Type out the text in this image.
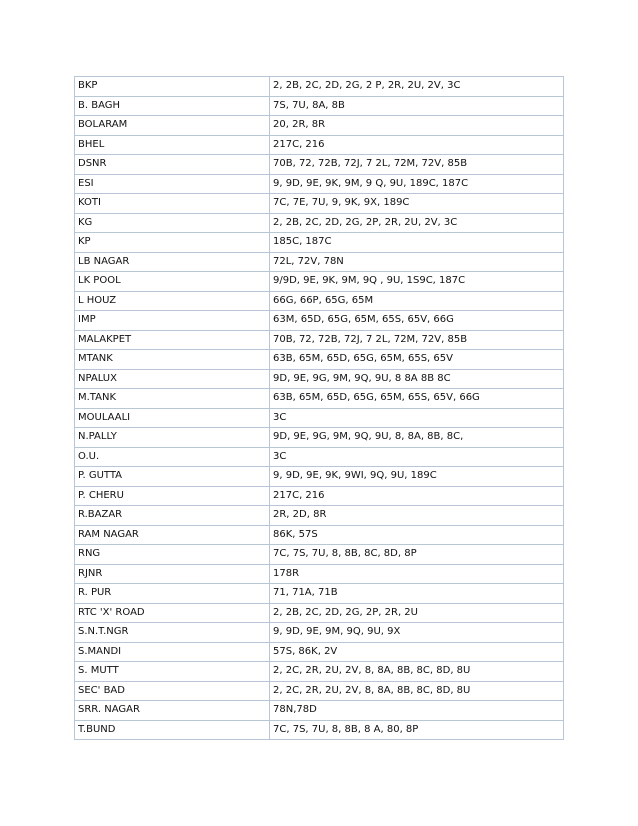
BKP	2, 2B, 2C, 2D, 2G, 2 P, 2R, 2U, 2V, 3C
B. BAGH	7S, 7U, 8A, 8B
BOLARAM	20, 2R, 8R
BHEL	217C, 216
DSNR	70B, 72, 72B, 72J, 7 2L, 72M, 72V, 85B
ESI	9, 9D, 9E, 9K, 9M, 9 Q, 9U, 189C, 187C
KOTI	7C, 7E, 7U, 9, 9K, 9X, 189C
KG	2, 2B, 2C, 2D, 2G, 2P, 2R, 2U, 2V, 3C
KP	185C, 187C
LB NAGAR	72L, 72V, 78N
LK POOL	9/9D, 9E, 9K, 9M, 9Q , 9U, 1S9C, 187C
L HOUZ	66G, 66P, 65G, 65M
IMP	63M, 65D, 65G, 65M, 65S, 65V, 66G
MALAKPET	70B, 72, 72B, 72J, 7 2L, 72M, 72V, 85B
MTANK	63B, 65M, 65D, 65G, 65M, 65S, 65V
NPALUX	9D, 9E, 9G, 9M, 9Q, 9U, 8 8A 8B 8C
M.TANK	63B, 65M, 65D, 65G, 65M, 65S, 65V, 66G
MOULAALI	3C
N.PALLY	9D, 9E, 9G, 9M, 9Q, 9U, 8, 8A, 8B, 8C,
O.U.	3C
P. GUTTA	9, 9D, 9E, 9K, 9WI, 9Q, 9U, 189C
P. CHERU	217C, 216
R.BAZAR	2R, 2D, 8R
RAM NAGAR	86K, 57S
RNG	7C, 7S, 7U, 8, 8B, 8C, 8D, 8P
RJNR	178R
R. PUR	71, 71A, 71B
RTC 'X' ROAD	2, 2B, 2C, 2D, 2G, 2P, 2R, 2U
S.N.T.NGR	9, 9D, 9E, 9M, 9Q, 9U, 9X
S.MANDI	57S, 86K, 2V
S. MUTT	2, 2C, 2R, 2U, 2V, 8, 8A, 8B, 8C, 8D, 8U
SEC' BAD	2, 2C, 2R, 2U, 2V, 8, 8A, 8B, 8C, 8D, 8U
SRR. NAGAR	78N,78D
T.BUND	7C, 7S, 7U, 8, 8B, 8 A, 80, 8P
